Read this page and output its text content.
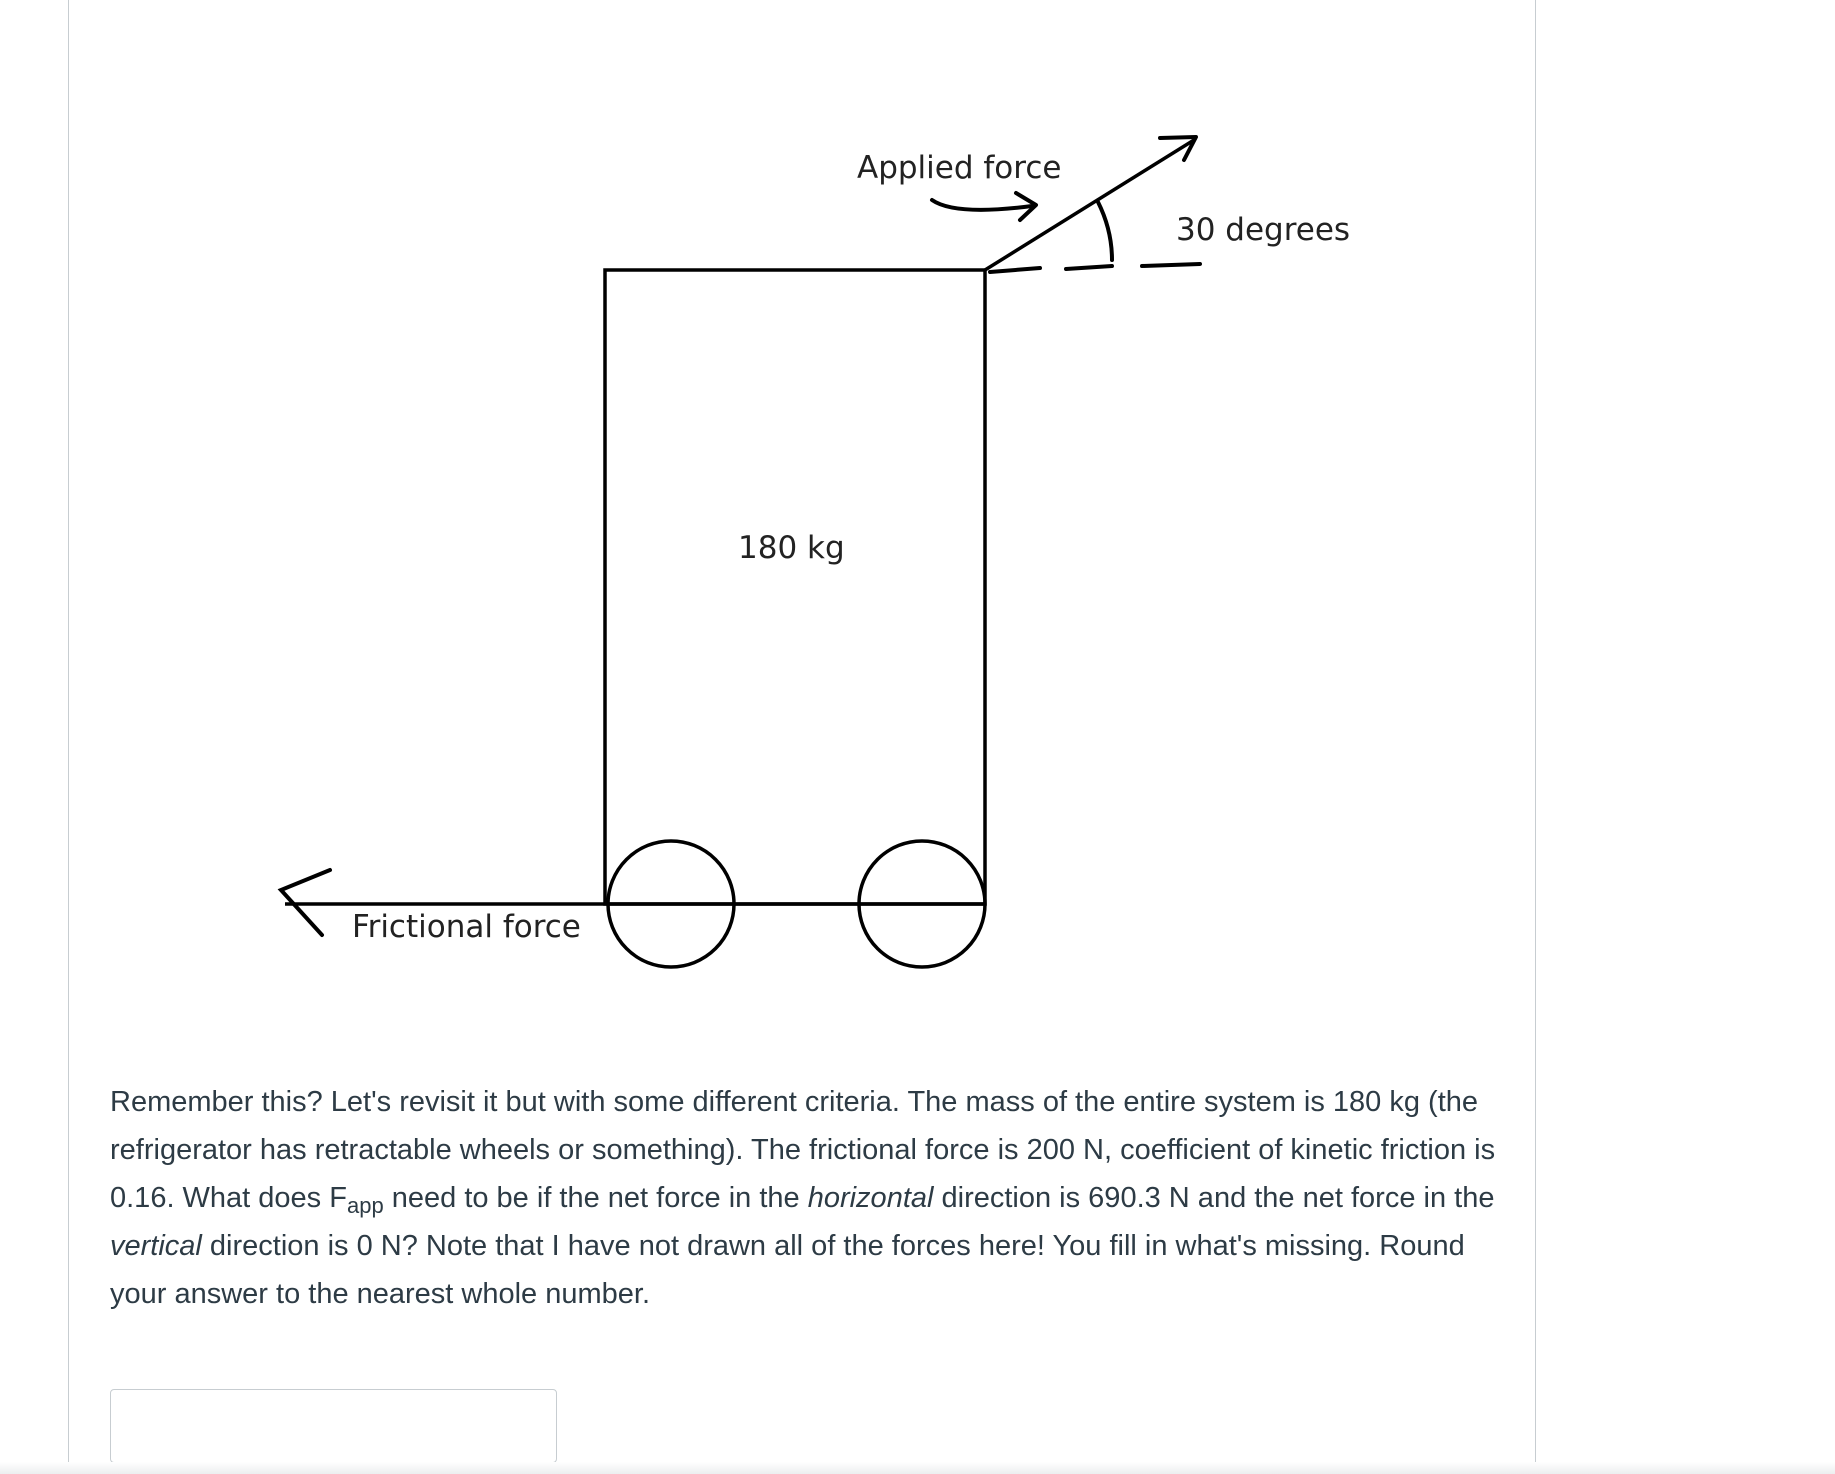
Applied force
30 degrees
180 kg
Frictional force

Remember this? Let's revisit it but with some different criteria. The mass of the entire system is 180 kg (the refrigerator has retractable wheels or something). The frictional force is 200 N, coefficient of kinetic friction is 0.16. What does $F_{app}$ need to be if the net force in the horizontal direction is 690.3 N and the net force in the vertical direction is 0 N? Note that I have not drawn all of the forces here! You fill in what's missing. Round your answer to the nearest whole number.
